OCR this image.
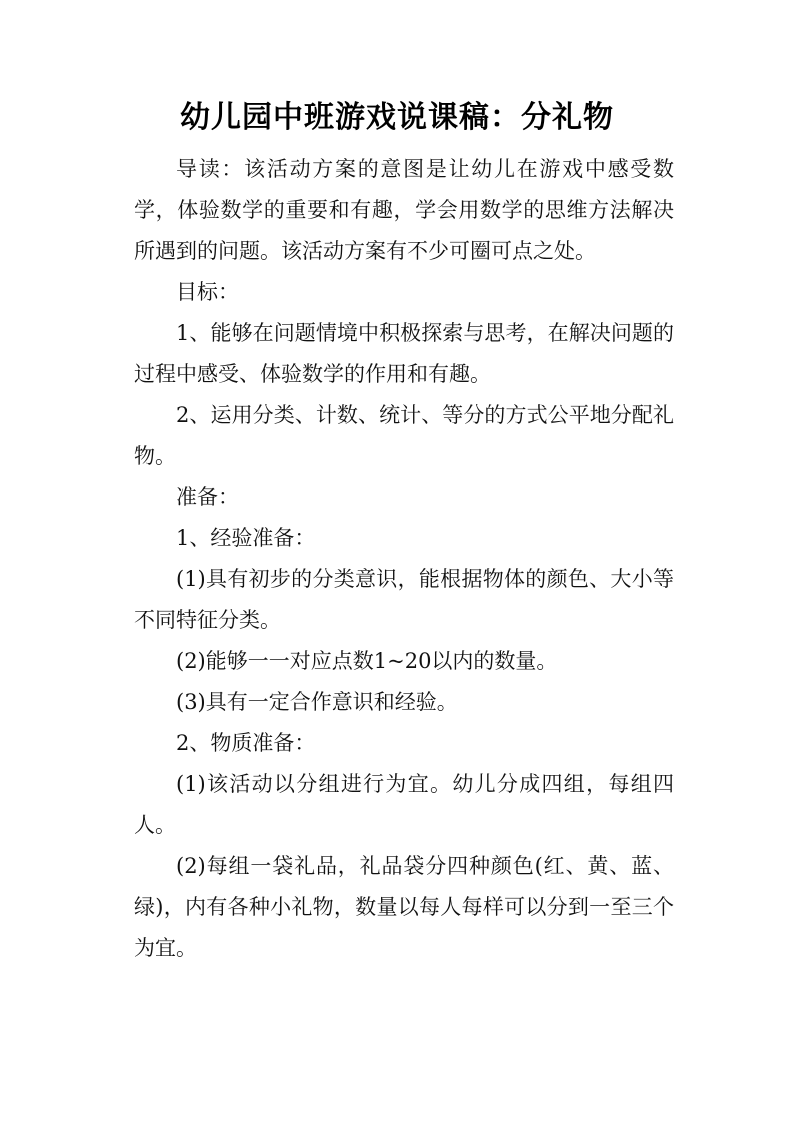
幼儿园中班游戏说课稿：分礼物

导读：该活动方案的意图是让幼儿在游戏中感受数学，体验数学的重要和有趣，学会用数学的思维方法解决所遇到的问题。该活动方案有不少可圈可点之处。

目标：

1、能够在问题情境中积极探索与思考，在解决问题的过程中感受、体验数学的作用和有趣。

2、运用分类、计数、统计、等分的方式公平地分配礼物。

准备：

1、经验准备：

(1)具有初步的分类意识，能根据物体的颜色、大小等不同特征分类。

(2)能够一一对应点数1~20以内的数量。

(3)具有一定合作意识和经验。

2、物质准备：

(1)该活动以分组进行为宜。幼儿分成四组，每组四人。

(2)每组一袋礼品，礼品袋分四种颜色(红、黄、蓝、绿)，内有各种小礼物，数量以每人每样可以分到一至三个为宜。
